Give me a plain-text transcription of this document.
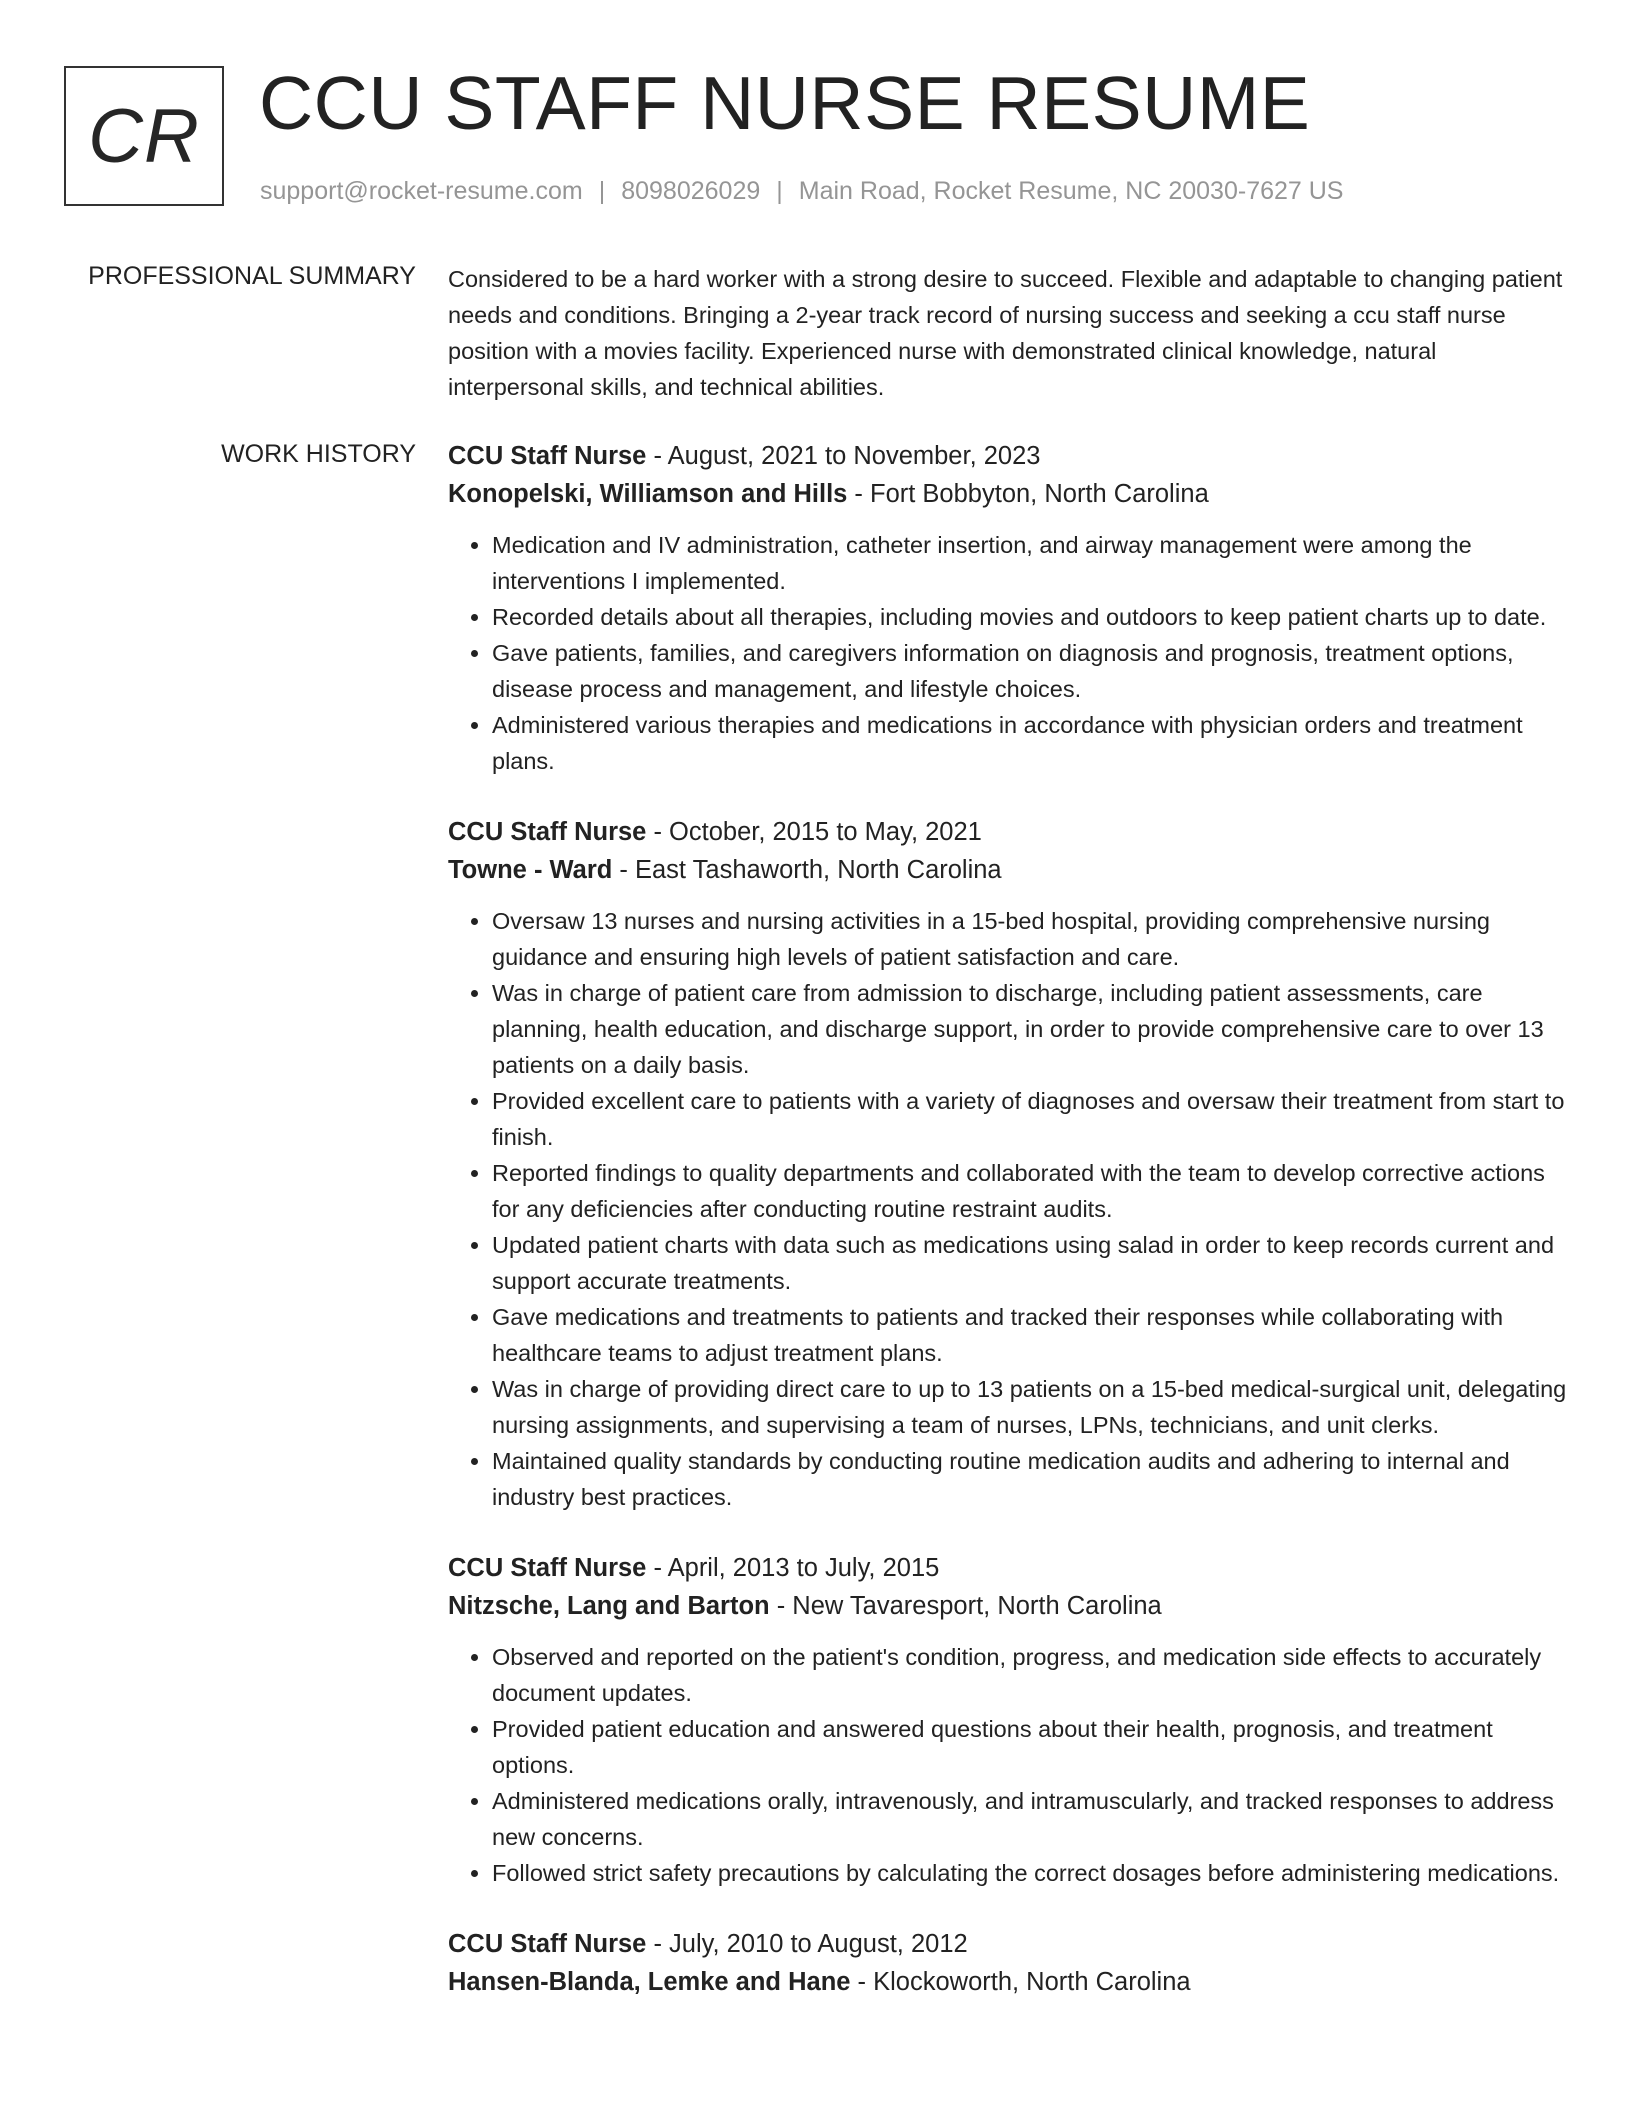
CR CCU STAFF NURSE RESUME
support@rocket-resume.com | 8098026029 | Main Road, Rocket Resume, NC 20030-7627 US
PROFESSIONAL SUMMARY Considered to be a hard worker with a strong desire to succeed. Flexible and adaptable to changing patient needs and conditions. Bringing a 2-year track record of nursing success and seeking a ccu staff nurse position with a movies facility. Experienced nurse with demonstrated clinical knowledge, natural interpersonal skills, and technical abilities.

WORK HISTORY CCU Staff Nurse - August, 2021 to November, 2023
Konopelski, Williamson and Hills - Fort Bobbyton, North Carolina
• Medication and IV administration, catheter insertion, and airway management were among the interventions I implemented.
• Recorded details about all therapies, including movies and outdoors to keep patient charts up to date.
• Gave patients, families, and caregivers information on diagnosis and prognosis, treatment options, disease process and management, and lifestyle choices.
• Administered various therapies and medications in accordance with physician orders and treatment plans.
CCU Staff Nurse - October, 2015 to May, 2021
Towne - Ward - East Tashaworth, North Carolina
• Oversaw 13 nurses and nursing activities in a 15-bed hospital, providing comprehensive nursing guidance and ensuring high levels of patient satisfaction and care.
• Was in charge of patient care from admission to discharge, including patient assessments, care planning, health education, and discharge support, in order to provide comprehensive care to over 13 patients on a daily basis.
• Provided excellent care to patients with a variety of diagnoses and oversaw their treatment from start to finish.
• Reported findings to quality departments and collaborated with the team to develop corrective actions for any deficiencies after conducting routine restraint audits.
• Updated patient charts with data such as medications using salad in order to keep records current and support accurate treatments.
• Gave medications and treatments to patients and tracked their responses while collaborating with healthcare teams to adjust treatment plans.
• Was in charge of providing direct care to up to 13 patients on a 15-bed medical-surgical unit, delegating nursing assignments, and supervising a team of nurses, LPNs, technicians, and unit clerks.
• Maintained quality standards by conducting routine medication audits and adhering to internal and industry best practices.
CCU Staff Nurse - April, 2013 to July, 2015
Nitzsche, Lang and Barton - New Tavaresport, North Carolina
• Observed and reported on the patient's condition, progress, and medication side effects to accurately document updates.
• Provided patient education and answered questions about their health, prognosis, and treatment options.
• Administered medications orally, intravenously, and intramuscularly, and tracked responses to address new concerns.
• Followed strict safety precautions by calculating the correct dosages before administering medications.
CCU Staff Nurse - July, 2010 to August, 2012
Hansen-Blanda, Lemke and Hane - Klockoworth, North Carolina
